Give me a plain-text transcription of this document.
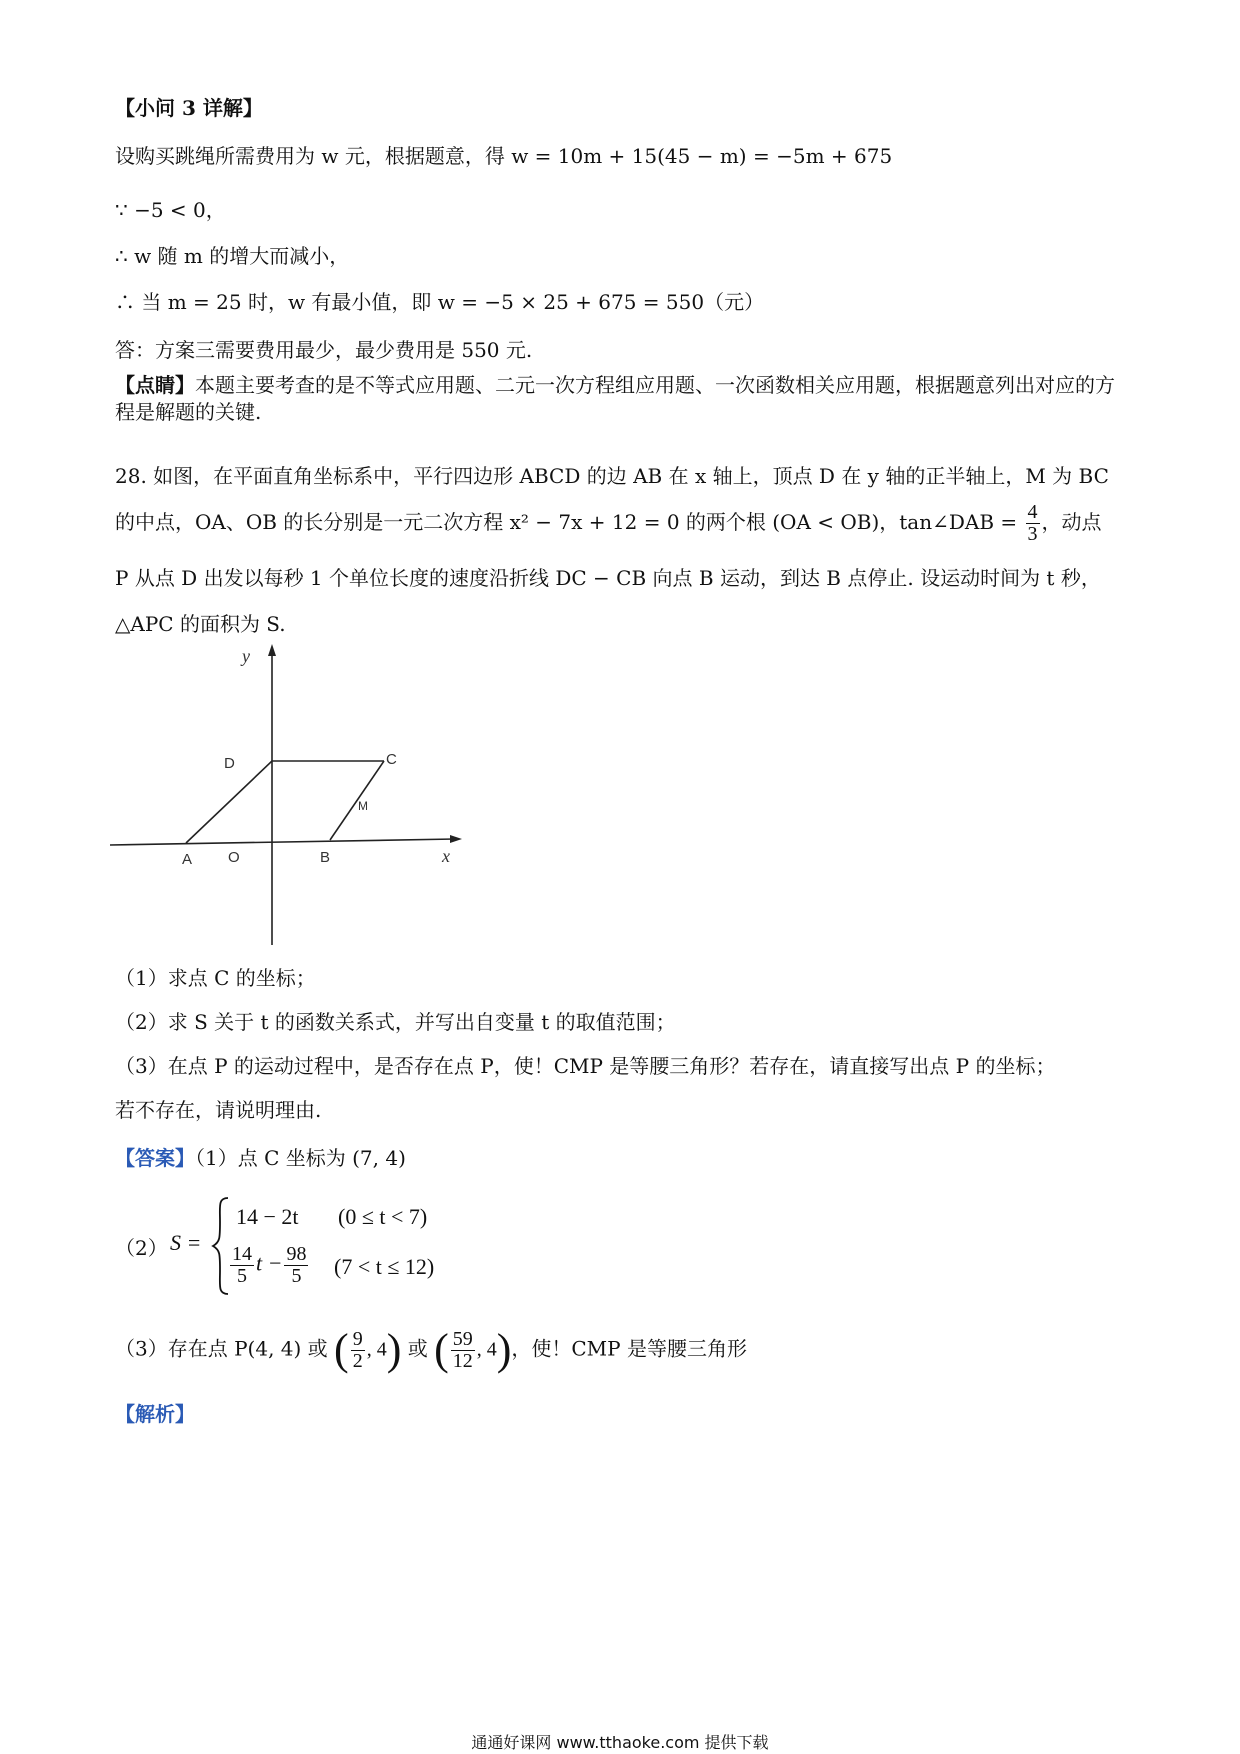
【小问 3 详解】
设购买跳绳所需费用为 w 元，根据题意，得 w = 10m + 15(45 − m) = −5m + 675
∵ −5 < 0，
∴ w 随 m 的增大而减小，
∴ 当 m = 25 时，w 有最小值，即 w = −5 × 25 + 675 = 550（元）
答：方案三需要费用最少，最少费用是 550 元.
【点睛】本题主要考查的是不等式应用题、二元一次方程组应用题、一次函数相关应用题，根据题意列出对应的方程是解题的关键.
28. 如图，在平面直角坐标系中，平行四边形 ABCD 的边 AB 在 x 轴上，顶点 D 在 y 轴的正半轴上，M 为 BC
的中点，OA、OB 的长分别是一元二次方程 x² − 7x + 12 = 0 的两个根 (OA < OB)，tan∠DAB = $\frac{4}{3}$ ，动点
P 从点 D 出发以每秒 1 个单位长度的速度沿折线 DC − CB 向点 B 运动，到达 B 点停止. 设运动时间为 t 秒，
△APC 的面积为 S.
y
x
D	C
M
A O	B
（1）求点 C 的坐标；
（2）求 S 关于 t 的函数关系式，并写出自变量 t 的取值范围；
（3）在点 P 的运动过程中，是否存在点 P，使！CMP 是等腰三角形？若存在，请直接写出点 P 的坐标；
若不存在，请说明理由.
【答案】（1）点 C 坐标为 (7, 4)
（2） S =
14 − 2t (0 ≤ t < 7)
$\frac{14}{5}$ $t - \frac{98}{5} (7 < t \le 12)$
（3）存在点 P(4, 4) 或 ( $\frac{9}{2}$ , 4) 或 ( $\frac{59}{12}$ , 4)，使！CMP 是等腰三角形
【解析】
通通好课网 www.tthaoke.com 提供下载
